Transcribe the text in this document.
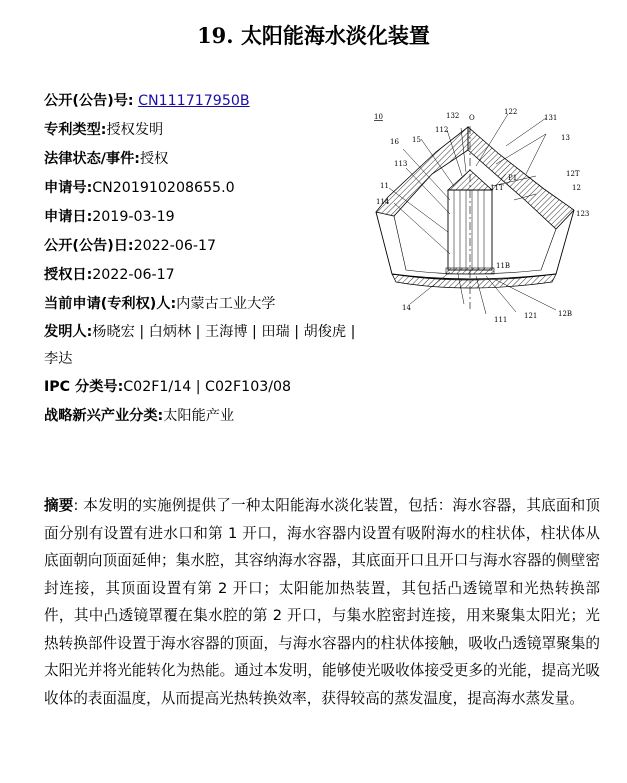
19. 太阳能海水淡化装置
公开(公告)号: CN111717950B
专利类型:授权发明
法律状态/事件:授权
申请号:CN201910208655.0
申请日:2019-03-19
公开(公告)日:2022-06-17
授权日:2022-06-17
当前申请(专利权)人:内蒙古工业大学
发明人:杨晓宏 | 白炳林 | 王海博 | 田瑞 | 胡俊虎 | 李达
IPC 分类号:C02F1/14 | C02F103/08
战略新兴产业分类:太阳能产业
10	132 O
122
131
112
15
16	13
113
P1	12T
11	11T	12
114
123
11B
14
111 121	12B
摘要: 本发明的实施例提供了一种太阳能海水淡化装置，包括：海水容器，其底面和顶面分别有设置有进水口和第 1 开口，海水容器内设置有吸附海水的柱状体，柱状体从底面朝向顶面延伸；集水腔，其容纳海水容器，其底面开口且开口与海水容器的侧壁密封连接，其顶面设置有第 2 开口；太阳能加热装置，其包括凸透镜罩和光热转换部件，其中凸透镜罩覆在集水腔的第 2 开口，与集水腔密封连接，用来聚集太阳光；光热转换部件设置于海水容器的顶面，与海水容器内的柱状体接触，吸收凸透镜罩聚集的太阳光并将光能转化为热能。通过本发明，能够使光吸收体接受更多的光能，提高光吸收体的表面温度，从而提高光热转换效率，获得较高的蒸发温度，提高海水蒸发量。
